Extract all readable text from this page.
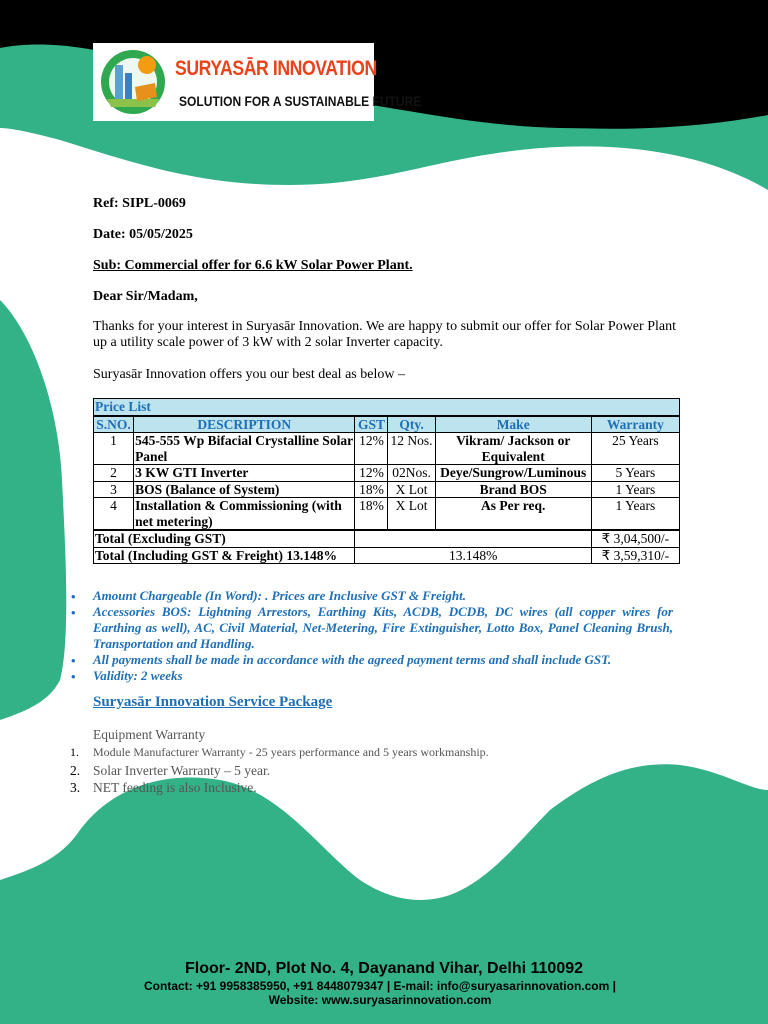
SURYASĀR INNOVATION
SOLUTION FOR A SUSTAINABLE FUTURE
Ref: SIPL-0069
Date: 05/05/2025
Sub: Commercial offer for 6.6 kW Solar Power Plant.
Dear Sir/Madam,
Thanks for your interest in Suryasār Innovation. We are happy to submit our offer for Solar Power Plant up a utility scale power of 3 kW with 2 solar Inverter capacity.
Suryasār Innovation offers you our best deal as below –
Price List					
S.NO.	DESCRIPTION	GST	Qty.	Make	Warranty
1	545-555 Wp Bifacial Crystalline Solar Panel	12%	12 Nos.	Vikram/ Jackson or Equivalent	25 Years
2	3 KW GTI Inverter	12%	02Nos.	Deye/Sungrow/Luminous	5 Years
3	BOS (Balance of System)	18%	X Lot	Brand BOS	1 Years
4	Installation & Commissioning (with net metering)	18%	X Lot	As Per req.	1 Years
Total (Excluding GST)					₹ 3,04,500/-
Total (Including GST & Freight) 13.148%		13.148%			₹ 3,59,310/-
• Amount Chargeable (In Word): . Prices are Inclusive GST & Freight.
• Accessories BOS: Lightning Arrestors, Earthing Kits, ACDB, DCDB, DC wires (all copper wires for Earthing as well), AC, Civil Material, Net-Metering, Fire Extinguisher, Lotto Box, Panel Cleaning Brush, Transportation and Handling.
• All payments shall be made in accordance with the agreed payment terms and shall include GST.
• Validity: 2 weeks
Suryasār Innovation Service Package
Equipment Warranty
1. Module Manufacturer Warranty - 25 years performance and 5 years workmanship.
2. Solar Inverter Warranty – 5 year.
3. NET feeding is also Inclusive.
Floor- 2ND, Plot No. 4, Dayanand Vihar, Delhi 110092
Contact: +91 9958385950, +91 8448079347 | E-mail: info@suryasarinnovation.com |
Website: www.suryasarinnovation.com
